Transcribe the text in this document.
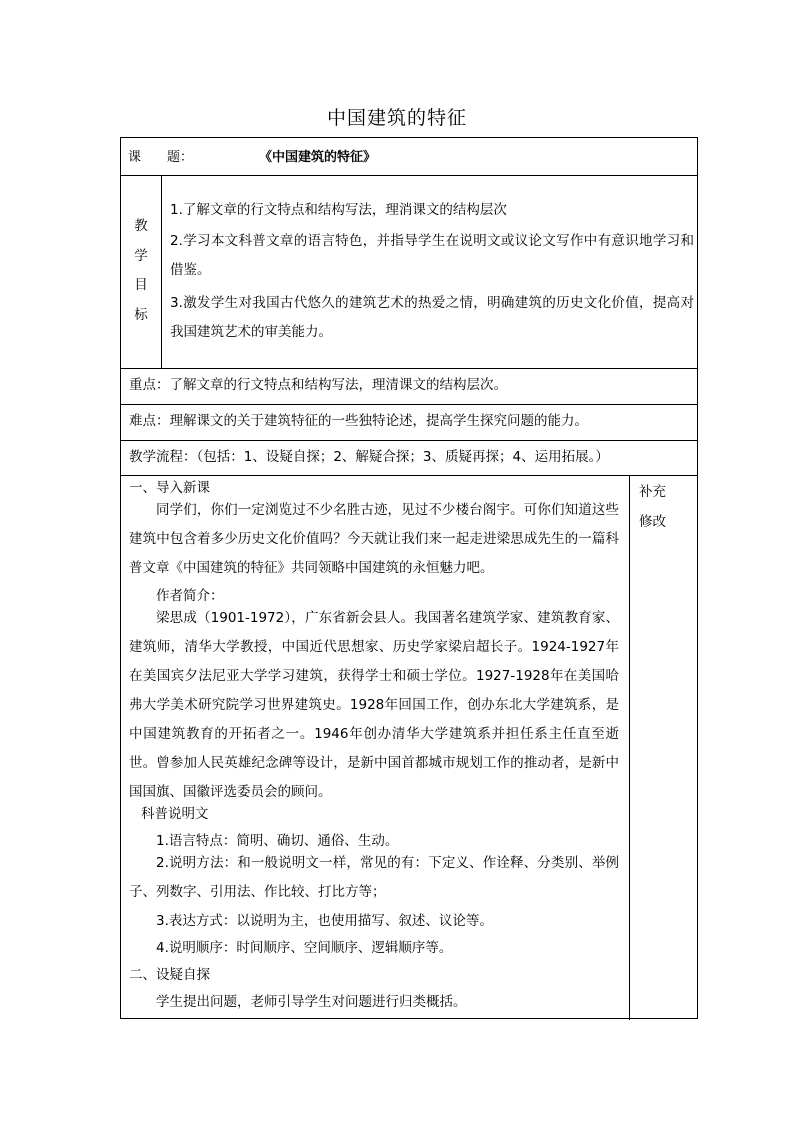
中国建筑的特征
课　　题：	《中国建筑的特征》
教
学
目
标
1.了解文章的行文特点和结构写法，理消课文的结构层次
2.学习本文科普文章的语言特色，并指导学生在说明文或议论文写作中有意识地学习和借鉴。
3.激发学生对我国古代悠久的建筑艺术的热爱之情，明确建筑的历史文化价值，提高对我国建筑艺术的审美能力。
重点：了解文章的行文特点和结构写法，理清课文的结构层次。
难点：理解课文的关于建筑特征的一些独特论述，提高学生探究问题的能力。
教学流程：（包括：1、设疑自探；2、解疑合探；3、质疑再探；4、运用拓展。）
补充
修改
一、导入新课
同学们，你们一定浏览过不少名胜古迹，见过不少楼台阁宇。可你们知道这些建筑中包含着多少历史文化价值吗？今天就让我们来一起走进梁思成先生的一篇科普文章《中国建筑的特征》共同领略中国建筑的永恒魅力吧。
作者简介：
梁思成（1901-1972），广东省新会县人。我国著名建筑学家、建筑教育家、建筑师，清华大学教授，中国近代思想家、历史学家梁启超长子。1924-1927年在美国宾夕法尼亚大学学习建筑，获得学士和硕士学位。1927-1928年在美国哈弗大学美术研究院学习世界建筑史。1928年回国工作，创办东北大学建筑系，是中国建筑教育的开拓者之一。1946年创办清华大学建筑系并担任系主任直至逝世。曾参加人民英雄纪念碑等设计，是新中国首都城市规划工作的推动者，是新中国国旗、国徽评选委员会的顾问。
科普说明文
1.语言特点：简明、确切、通俗、生动。
2.说明方法：和一般说明文一样，常见的有：下定义、作诠释、分类别、举例子、列数字、引用法、作比较、打比方等；
3.表达方式：以说明为主，也使用描写、叙述、议论等。
4.说明顺序：时间顺序、空间顺序、逻辑顺序等。
二、设疑自探
学生提出问题，老师引导学生对问题进行归类概括。
